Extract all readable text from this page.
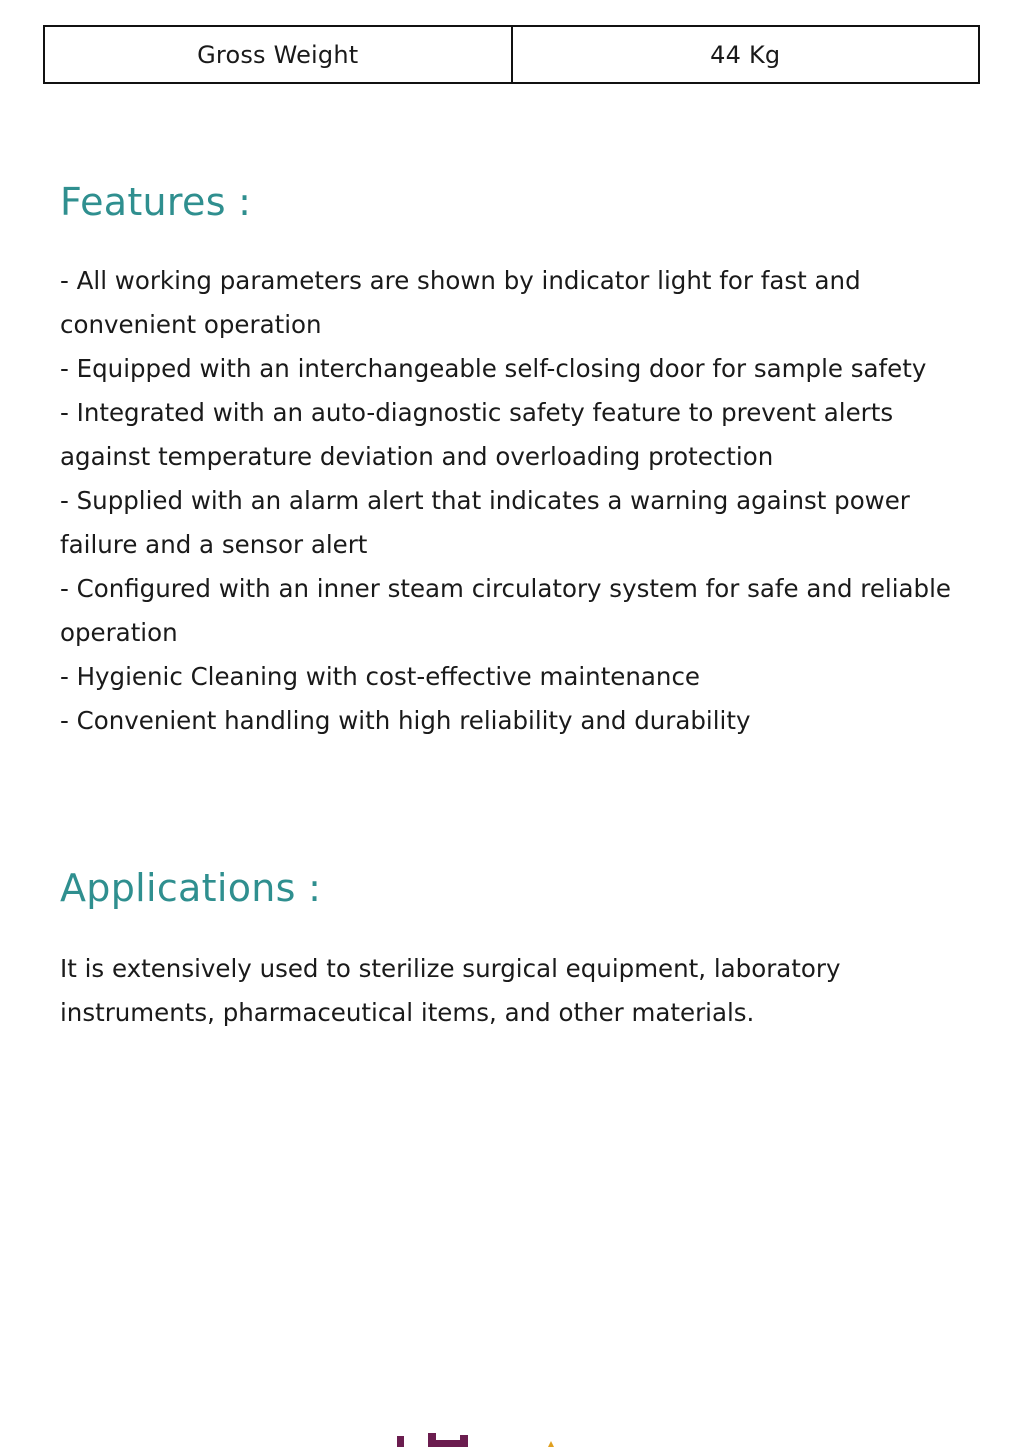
Gross Weight	44 Kg
Features :
- All working parameters are shown by indicator light for fast and convenient operation
- Equipped with an interchangeable self-closing door for sample safety
- Integrated with an auto-diagnostic safety feature to prevent alerts against temperature deviation and overloading protection
- Supplied with an alarm alert that indicates a warning against power failure and a sensor alert
- Configured with an inner steam circulatory system for safe and reliable operation
- Hygienic Cleaning with cost-effective maintenance
- Convenient handling with high reliability and durability
Applications :

It is extensively used to sterilize surgical equipment, laboratory instruments, pharmaceutical items, and other materials.
